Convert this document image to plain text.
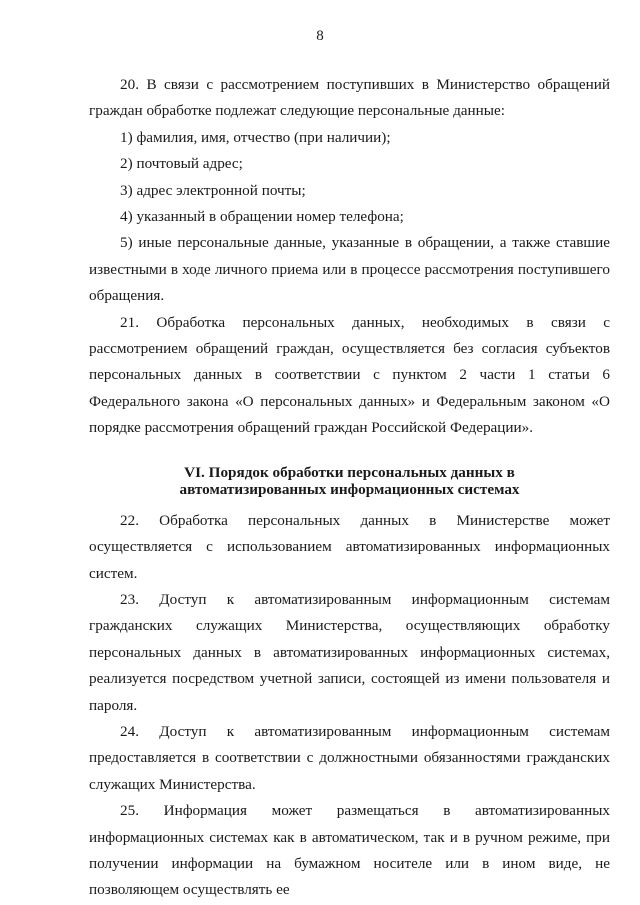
8

20. В связи с рассмотрением поступивших в Министерство обращений граждан обработке подлежат следующие персональные данные:

1) фамилия, имя, отчество (при наличии);

2) почтовый адрес;

3) адрес электронной почты;

4) указанный в обращении номер телефона;

5) иные персональные данные, указанные в обращении, а также ставшие известными в ходе личного приема или в процессе рассмотрения поступившего обращения.

21. Обработка персональных данных, необходимых в связи с рассмотрением обращений граждан, осуществляется без согласия субъектов персональных данных в соответствии с пунктом 2 части 1 статьи 6 Федерального закона «О персональных данных» и Федеральным законом «О порядке рассмотрения обращений граждан Российской Федерации».

VI. Порядок обработки персональных данных в автоматизированных информационных системах

22. Обработка персональных данных в Министерстве может осуществляется с использованием автоматизированных информационных систем.

23. Доступ к автоматизированным информационным системам гражданских служащих Министерства, осуществляющих обработку персональных данных в автоматизированных информационных системах, реализуется посредством учетной записи, состоящей из имени пользователя и пароля.

24. Доступ к автоматизированным информационным системам предоставляется в соответствии с должностными обязанностями гражданских служащих Министерства.

25. Информация может размещаться в автоматизированных информационных системах как в автоматическом, так и в ручном режиме, при получении информации на бумажном носителе или в ином виде, не позволяющем осуществлять ее
